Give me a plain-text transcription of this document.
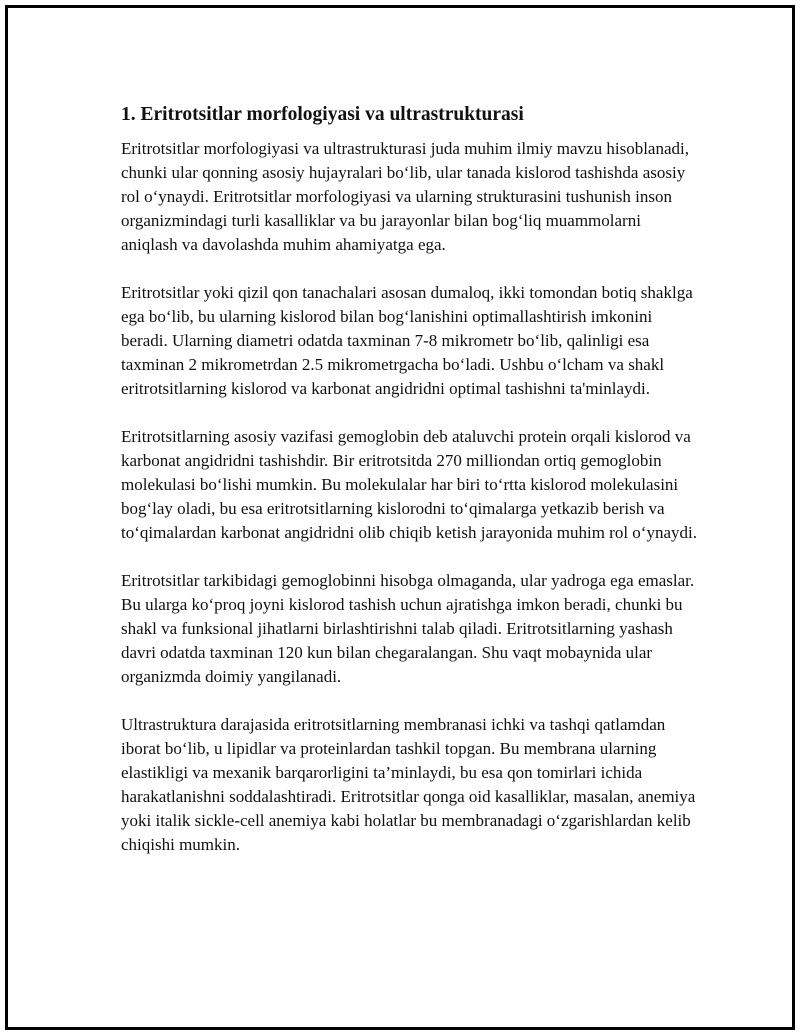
1. Eritrotsitlar morfologiyasi va ultrastrukturasi

Eritrotsitlar morfologiyasi va ultrastrukturasi juda muhim ilmiy mavzu hisoblanadi, chunki ular qonning asosiy hujayralari bo‘lib, ular tanada kislorod tashishda asosiy rol o‘ynaydi. Eritrotsitlar morfologiyasi va ularning strukturasini tushunish inson organizmindagi turli kasalliklar va bu jarayonlar bilan bog‘liq muammolarni aniqlash va davolashda muhim ahamiyatga ega.

Eritrotsitlar yoki qizil qon tanachalari asosan dumaloq, ikki tomondan botiq shaklga ega bo‘lib, bu ularning kislorod bilan bog‘lanishini optimallashtirish imkonini beradi. Ularning diametri odatda taxminan 7-8 mikrometr bo‘lib, qalinligi esa taxminan 2 mikrometrdan 2.5 mikrometrgacha bo‘ladi. Ushbu o‘lcham va shakl eritrotsitlarning kislorod va karbonat angidridni optimal tashishni ta'minlaydi.

Eritrotsitlarning asosiy vazifasi gemoglobin deb ataluvchi protein orqali kislorod va karbonat angidridni tashishdir. Bir eritrotsitda 270 milliondan ortiq gemoglobin molekulasi bo‘lishi mumkin. Bu molekulalar har biri to‘rtta kislorod molekulasini bog‘lay oladi, bu esa eritrotsitlarning kislorodni to‘qimalarga yetkazib berish va to‘qimalardan karbonat angidridni olib chiqib ketish jarayonida muhim rol o‘ynaydi.

Eritrotsitlar tarkibidagi gemoglobinni hisobga olmaganda, ular yadroga ega emaslar. Bu ularga ko‘proq joyni kislorod tashish uchun ajratishga imkon beradi, chunki bu shakl va funksional jihatlarni birlashtirishni talab qiladi. Eritrotsitlarning yashash davri odatda taxminan 120 kun bilan chegaralangan. Shu vaqt mobaynida ular organizmda doimiy yangilanadi.

Ultrastruktura darajasida eritrotsitlarning membranasi ichki va tashqi qatlamdan iborat bo‘lib, u lipidlar va proteinlardan tashkil topgan. Bu membrana ularning elastikligi va mexanik barqarorligini ta’minlaydi, bu esa qon tomirlari ichida harakatlanishni soddalashtiradi. Eritrotsitlar qonga oid kasalliklar, masalan, anemiya yoki italik sickle-cell anemiya kabi holatlar bu membranadagi o‘zgarishlardan kelib chiqishi mumkin.
